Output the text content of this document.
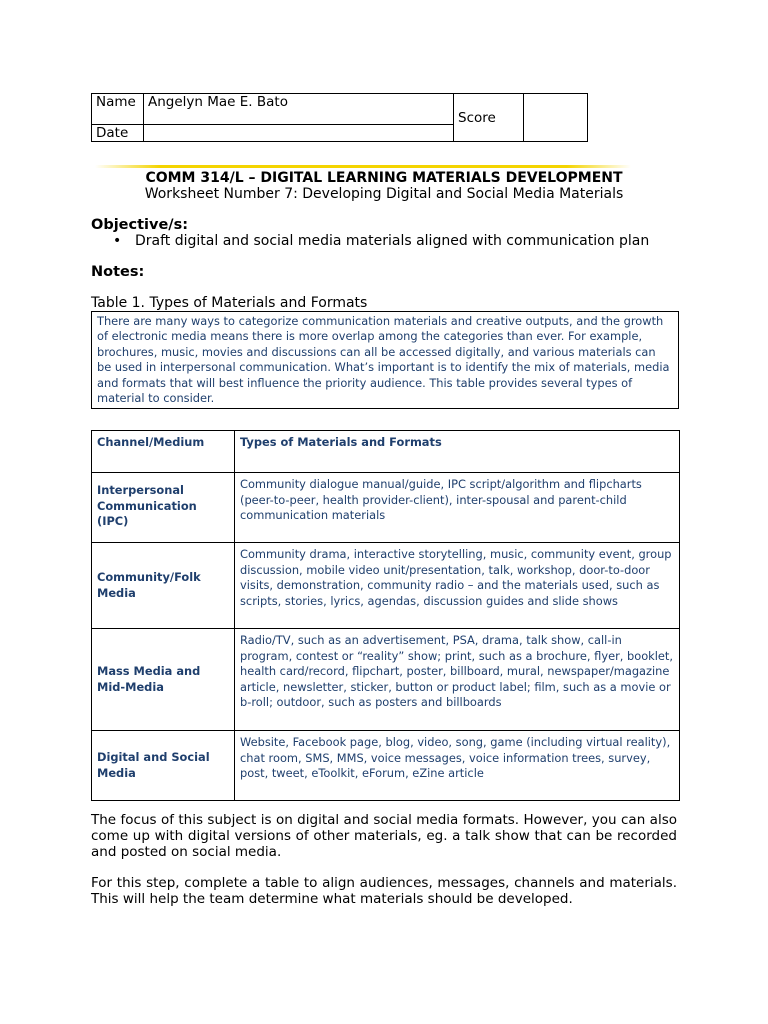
Name	Angelyn Mae E. Bato	Score	
Date			
COMM 314/L – DIGITAL LEARNING MATERIALS DEVELOPMENT
Worksheet Number 7: Developing Digital and Social Media Materials
Objective/s:
• Draft digital and social media materials aligned with communication plan
Notes:
Table 1. Types of Materials and Formats
There are many ways to categorize communication materials and creative outputs, and the growth of electronic media means there is more overlap among the categories than ever. For example, brochures, music, movies and discussions can all be accessed digitally, and various materials can be used in interpersonal communication. What’s important is to identify the mix of materials, media and formats that will best influence the priority audience. This table provides several types of material to consider.
Channel/Medium	Types of Materials and Formats
Interpersonal Communication (IPC)	Community dialogue manual/guide, IPC script/algorithm and flipcharts (peer-to-peer, health provider-client), inter-spousal and parent-child communication materials
Community/Folk Media	Community drama, interactive storytelling, music, community event, group discussion, mobile video unit/presentation, talk, workshop, door-to-door visits, demonstration, community radio – and the materials used, such as scripts, stories, lyrics, agendas, discussion guides and slide shows
Mass Media and Mid-Media	Radio/TV, such as an advertisement, PSA, drama, talk show, call-in program, contest or “reality” show; print, such as a brochure, flyer, booklet, health card/record, flipchart, poster, billboard, mural, newspaper/magazine article, newsletter, sticker, button or product label; film, such as a movie or b-roll; outdoor, such as posters and billboards
Digital and Social Media	Website, Facebook page, blog, video, song, game (including virtual reality), chat room, SMS, MMS, voice messages, voice information trees, survey, post, tweet, eToolkit, eForum, eZine article
The focus of this subject is on digital and social media formats. However, you can also come up with digital versions of other materials, eg. a talk show that can be recorded and posted on social media.
For this step, complete a table to align audiences, messages, channels and materials. This will help the team determine what materials should be developed.
